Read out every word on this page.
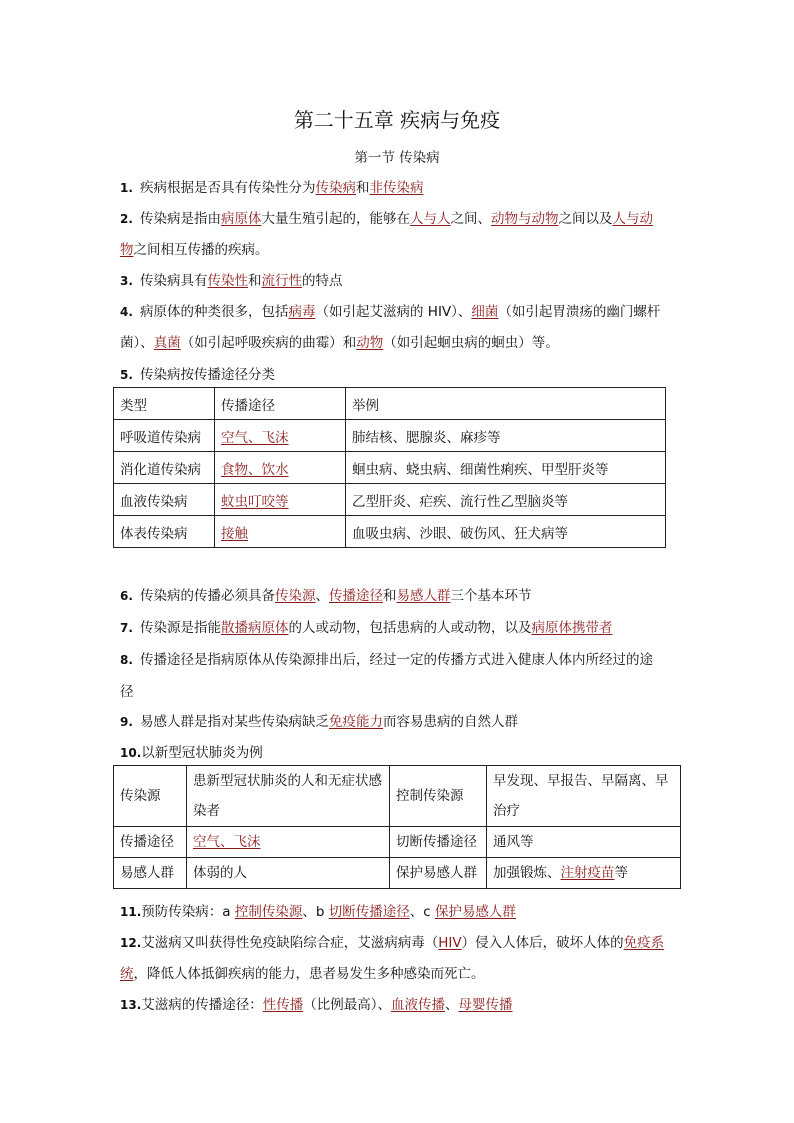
第二十五章 疾病与免疫
第一节 传染病
1. 疾病根据是否具有传染性分为传染病和非传染病
2. 传染病是指由病原体大量生殖引起的，能够在人与人之间、动物与动物之间以及人与动
物之间相互传播的疾病。
3. 传染病具有传染性和流行性的特点
4. 病原体的种类很多，包括病毒（如引起艾滋病的 HIV）、细菌（如引起胃溃疡的幽门螺杆
菌）、真菌（如引起呼吸疾病的曲霉）和动物（如引起蛔虫病的蛔虫）等。
5. 传染病按传播途径分类
类型	传播途径	举例
呼吸道传染病	空气、飞沫	肺结核、腮腺炎、麻疹等
消化道传染病	食物、饮水	蛔虫病、蛲虫病、细菌性痢疾、甲型肝炎等
血液传染病	蚊虫叮咬等	乙型肝炎、疟疾、流行性乙型脑炎等
体表传染病	接触	血吸虫病、沙眼、破伤风、狂犬病等
6. 传染病的传播必须具备传染源、传播途径和易感人群三个基本环节
7. 传染源是指能散播病原体的人或动物，包括患病的人或动物，以及病原体携带者
8. 传播途径是指病原体从传染源排出后，经过一定的传播方式进入健康人体内所经过的途
径
9. 易感人群是指对某些传染病缺乏免疫能力而容易患病的自然人群
10.以新型冠状肺炎为例
传染源	患新型冠状肺炎的人和无症状感染者	控制传染源	早发现、早报告、早隔离、早治疗
传播途径	空气、飞沫	切断传播途径	通风等
易感人群	体弱的人	保护易感人群	加强锻炼、注射疫苗等
11.预防传染病：a 控制传染源、b 切断传播途径、c 保护易感人群
12.艾滋病又叫获得性免疫缺陷综合症，艾滋病病毒（HIV）侵入人体后，破坏人体的免疫系
统，降低人体抵御疾病的能力，患者易发生多种感染而死亡。
13.艾滋病的传播途径：性传播（比例最高）、血液传播、母婴传播
